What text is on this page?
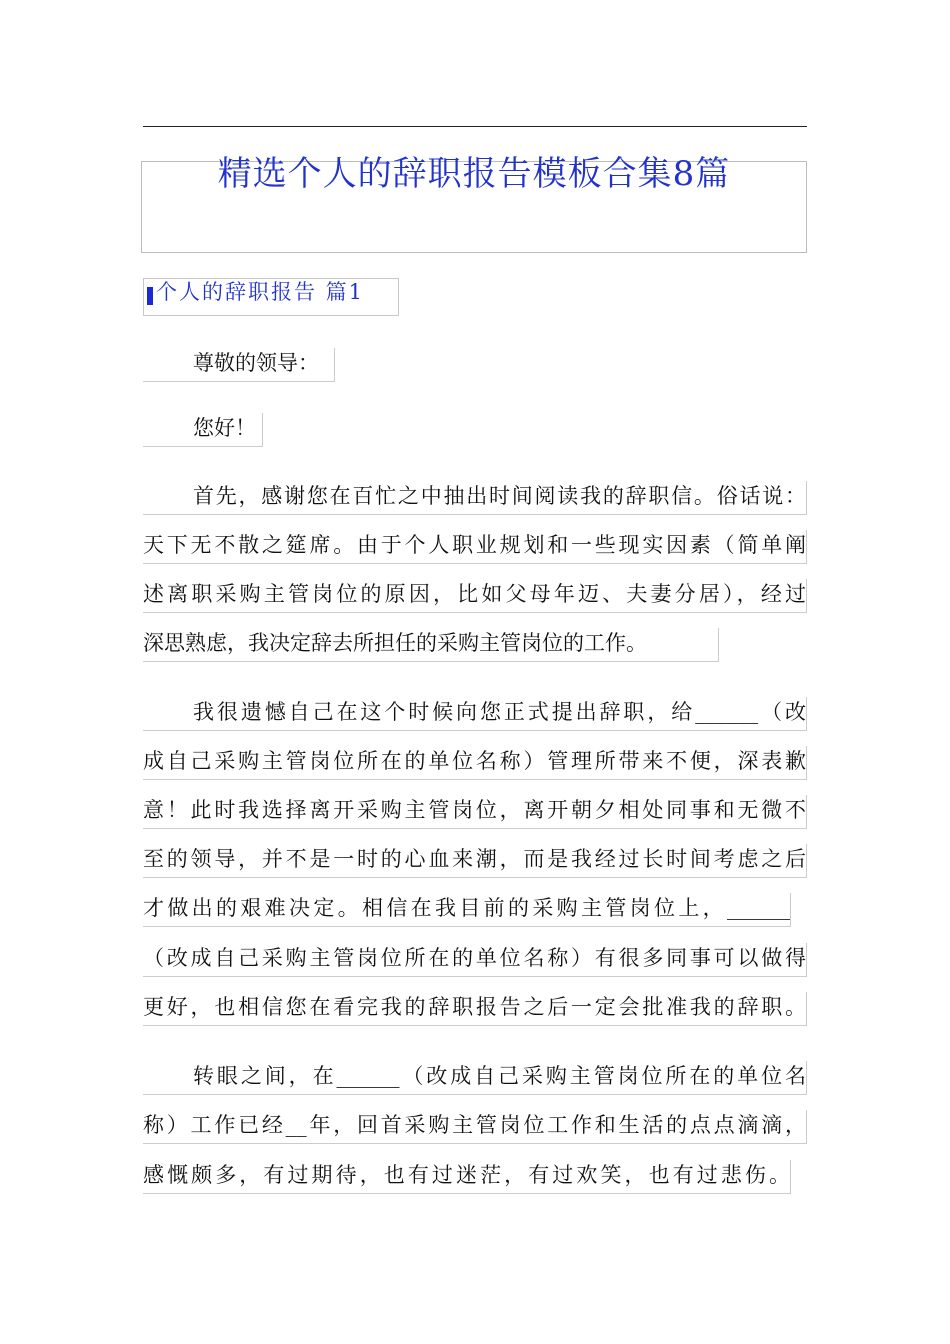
精选个人的辞职报告模板合集8篇
个人的辞职报告 篇1
尊敬的领导：
您好！
首先，感谢您在百忙之中抽出时间阅读我的辞职信。俗话说：
天下无不散之筵席。由于个人职业规划和一些现实因素（简单阐
述离职采购主管岗位的原因，比如父母年迈、夫妻分居），经过
深思熟虑，我决定辞去所担任的采购主管岗位的工作。
我很遗憾自己在这个时候向您正式提出辞职，给______（改
成自己采购主管岗位所在的单位名称）管理所带来不便，深表歉
意！此时我选择离开采购主管岗位，离开朝夕相处同事和无微不
至的领导，并不是一时的心血来潮，而是我经过长时间考虑之后
才做出的艰难决定。相信在我目前的采购主管岗位上，______
（改成自己采购主管岗位所在的单位名称）有很多同事可以做得
更好，也相信您在看完我的辞职报告之后一定会批准我的辞职。
转眼之间，在______（改成自己采购主管岗位所在的单位名
称）工作已经__年，回首采购主管岗位工作和生活的点点滴滴，
感慨颇多，有过期待，也有过迷茫，有过欢笑，也有过悲伤。
